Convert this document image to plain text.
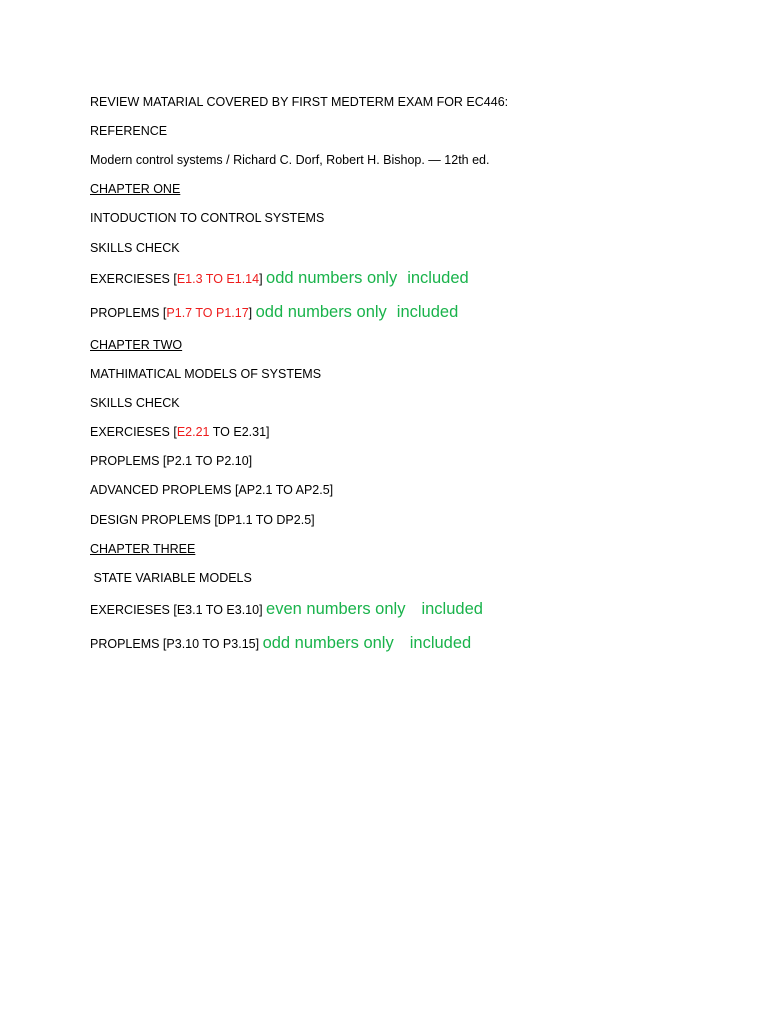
REVIEW MATARIAL COVERED BY FIRST MEDTERM EXAM FOR EC446:
REFERENCE
Modern control systems / Richard C. Dorf, Robert H. Bishop. — 12th ed.
CHAPTER ONE
INTODUCTION TO CONTROL SYSTEMS
SKILLS CHECK
EXERCIESES [E1.3 TO E1.14] odd numbers only included
PROPLEMS [P1.7 TO P1.17] odd numbers only included
CHAPTER TWO
MATHIMATICAL MODELS OF SYSTEMS
SKILLS CHECK
EXERCIESES [E2.21 TO E2.31]
PROPLEMS [P2.1 TO P2.10]
ADVANCED PROPLEMS [AP2.1 TO AP2.5]
DESIGN PROPLEMS [DP1.1 TO DP2.5]
CHAPTER THREE
STATE VARIABLE MODELS
EXERCIESES [E3.1 TO E3.10] even numbers only included
PROPLEMS [P3.10 TO P3.15] odd numbers only included
